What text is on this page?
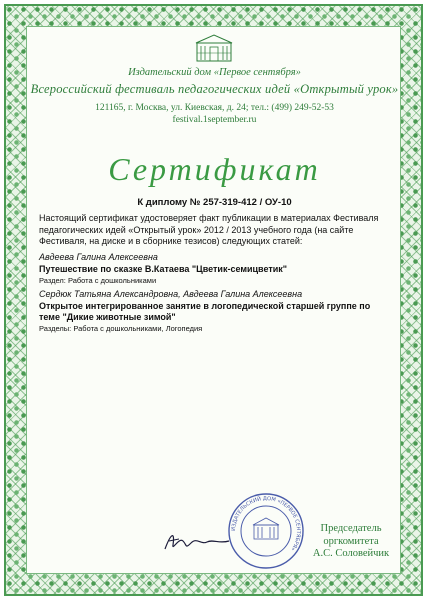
Издательский дом «Первое сентября»
Всероссийский фестиваль педагогических идей «Открытый урок»
121165, г. Москва, ул. Киевская, д. 24; тел.: (499) 249-52-53
festival.1september.ru
Сертификат
К диплому № 257-319-412 / ОУ-10
Настоящий сертификат удостоверяет факт публикации в материалах Фестиваля педагогических идей «Открытый урок» 2012 / 2013 учебного года (на сайте Фестиваля, на диске и в сборнике тезисов) следующих статей:
Авдеева Галина Алексеевна
Путешествие по сказке В.Катаева "Цветик-семицветик"
Раздел: Работа с дошкольниками
Сердюк Татьяна Александровна, Авдеева Галина Алексеевна
Открытое интегрированное занятие в логопедической старшей группе по теме "Дикие животные зимой"
Разделы: Работа с дошкольниками, Логопедия
ИЗДАТЕЛЬСКИЙ ДОМ «ПЕРВОЕ СЕНТЯБРЯ»
Председатель
оргкомитета
А.С. Соловейчик
